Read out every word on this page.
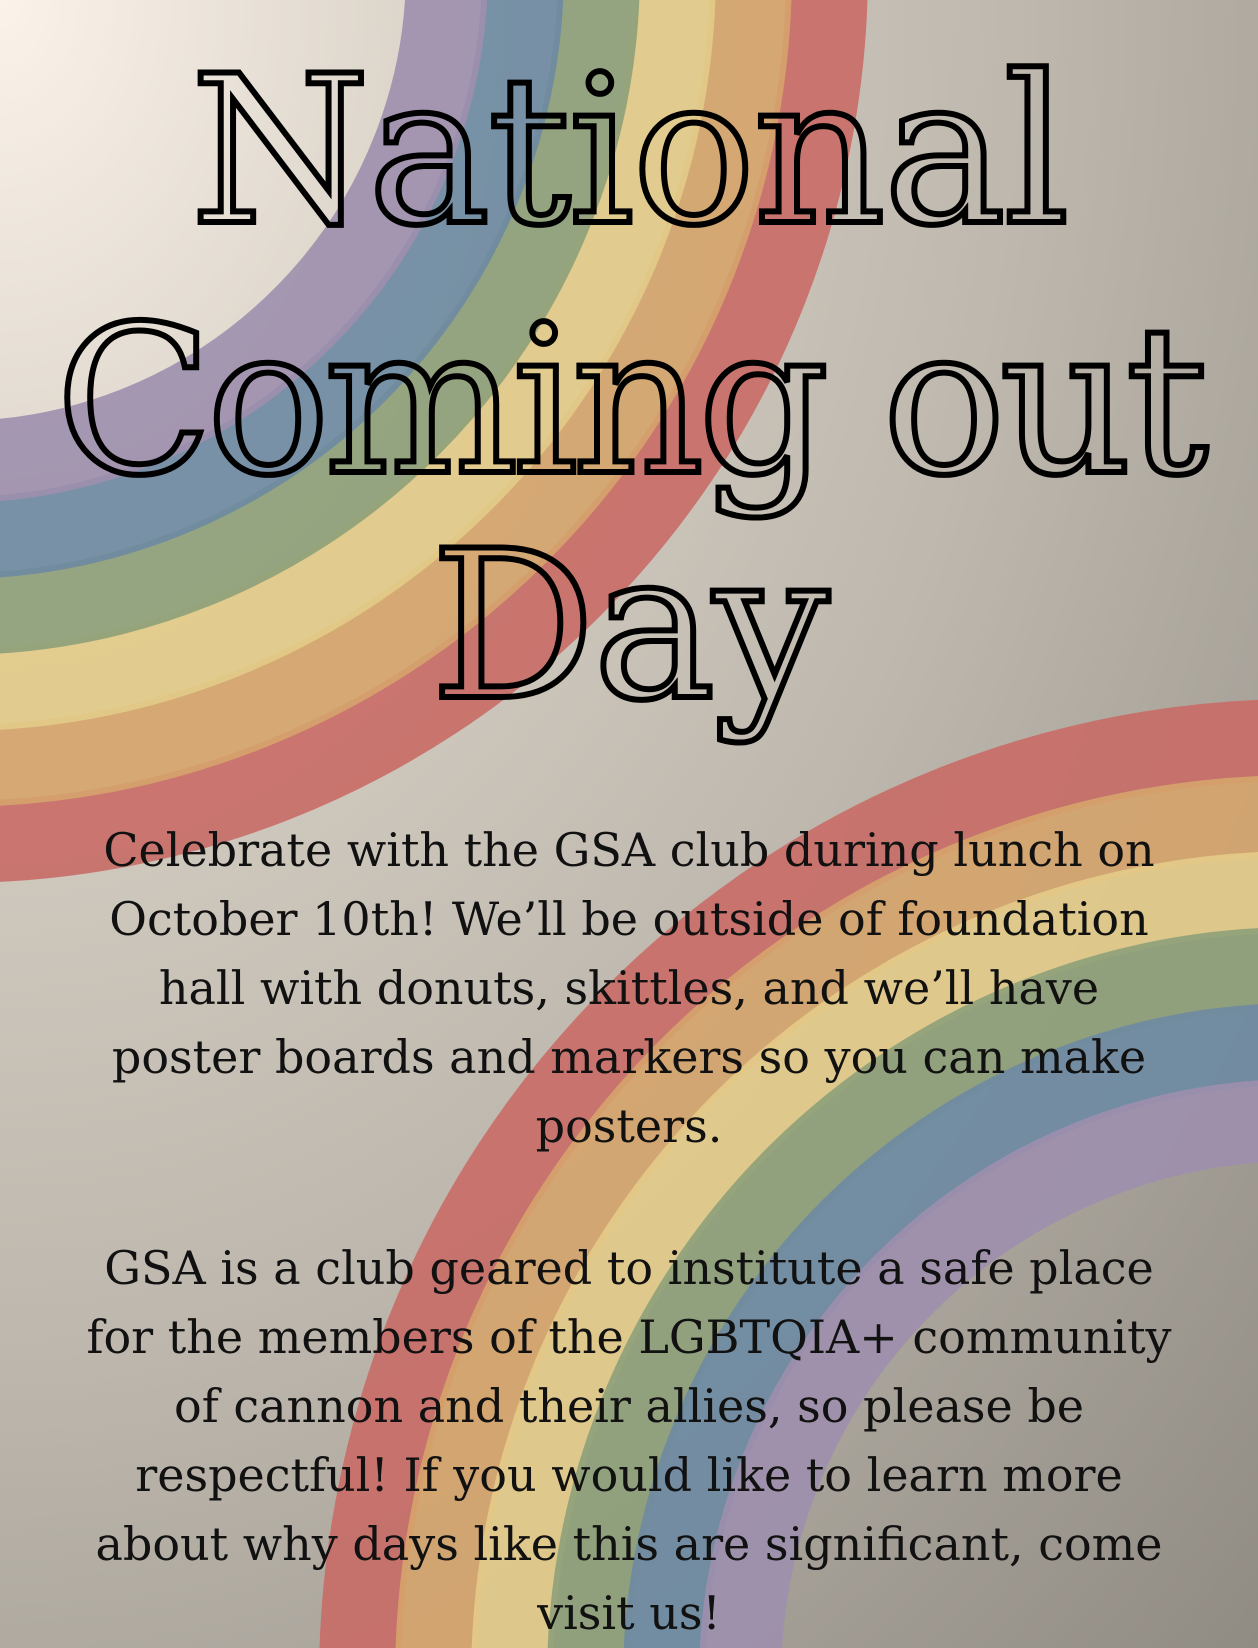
National
Coming out
Day

Celebrate with the GSA club during lunch on October 10th! We’ll be outside of foundation hall with donuts, skittles, and we’ll have poster boards and markers so you can make posters.

GSA is a club geared to institute a safe place for the members of the LGBTQIA+ community of cannon and their allies, so please be respectful! If you would like to learn more about why days like this are significant, come visit us!
